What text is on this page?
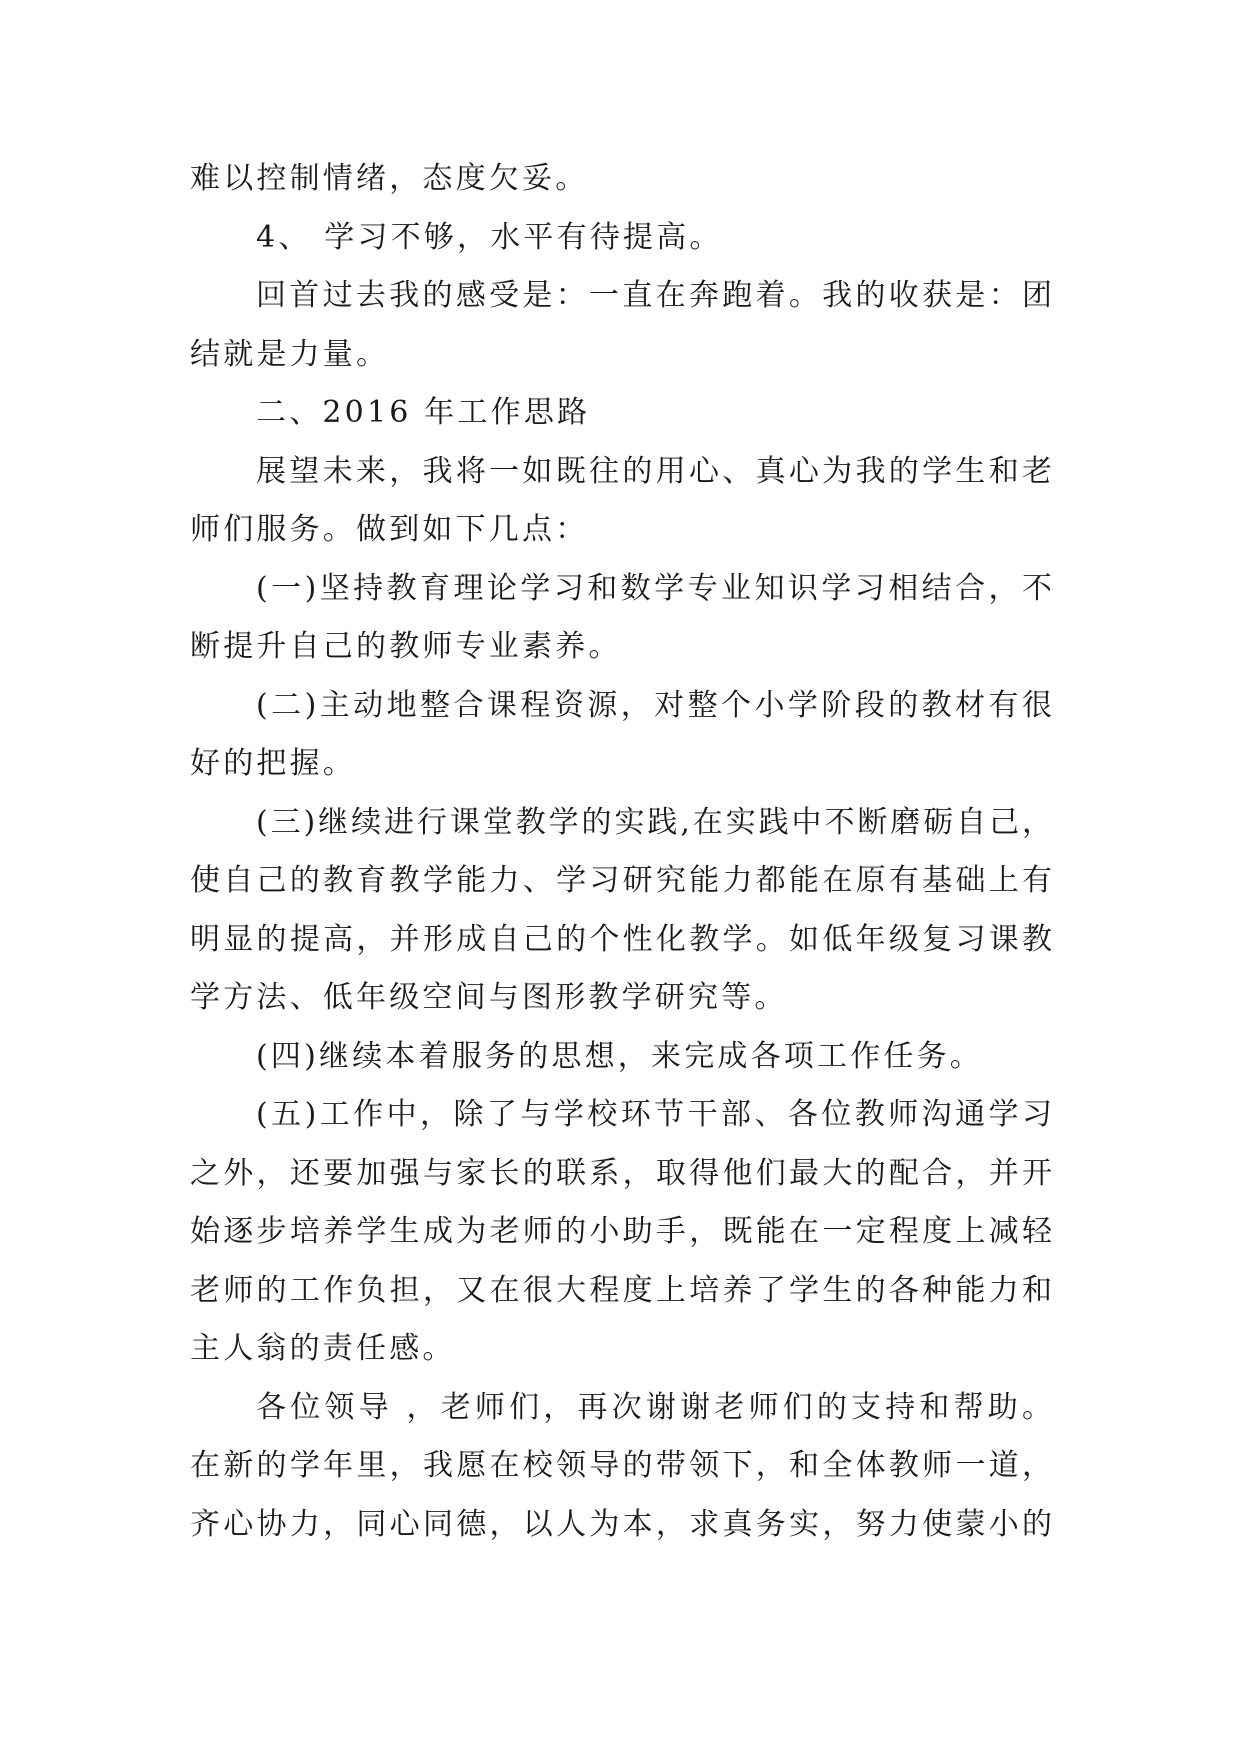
难以控制情绪，态度欠妥。
4、 学习不够，水平有待提高。
回首过去我的感受是：一直在奔跑着。我的收获是：团
结就是力量。
二、2016 年工作思路
展望未来，我将一如既往的用心、真心为我的学生和老
师们服务。做到如下几点：
(一)坚持教育理论学习和数学专业知识学习相结合，不
断提升自己的教师专业素养。
(二)主动地整合课程资源，对整个小学阶段的教材有很
好的把握。
(三)继续进行课堂教学的实践,在实践中不断磨砺自己，
使自己的教育教学能力、学习研究能力都能在原有基础上有
明显的提高，并形成自己的个性化教学。如低年级复习课教
学方法、低年级空间与图形教学研究等。
(四)继续本着服务的思想，来完成各项工作任务。
(五)工作中，除了与学校环节干部、各位教师沟通学习
之外，还要加强与家长的联系，取得他们最大的配合，并开
始逐步培养学生成为老师的小助手，既能在一定程度上减轻
老师的工作负担，又在很大程度上培养了学生的各种能力和
主人翁的责任感。
各位领导 ，老师们，再次谢谢老师们的支持和帮助。
在新的学年里，我愿在校领导的带领下，和全体教师一道，
齐心协力，同心同德，以人为本，求真务实，努力使蒙小的
